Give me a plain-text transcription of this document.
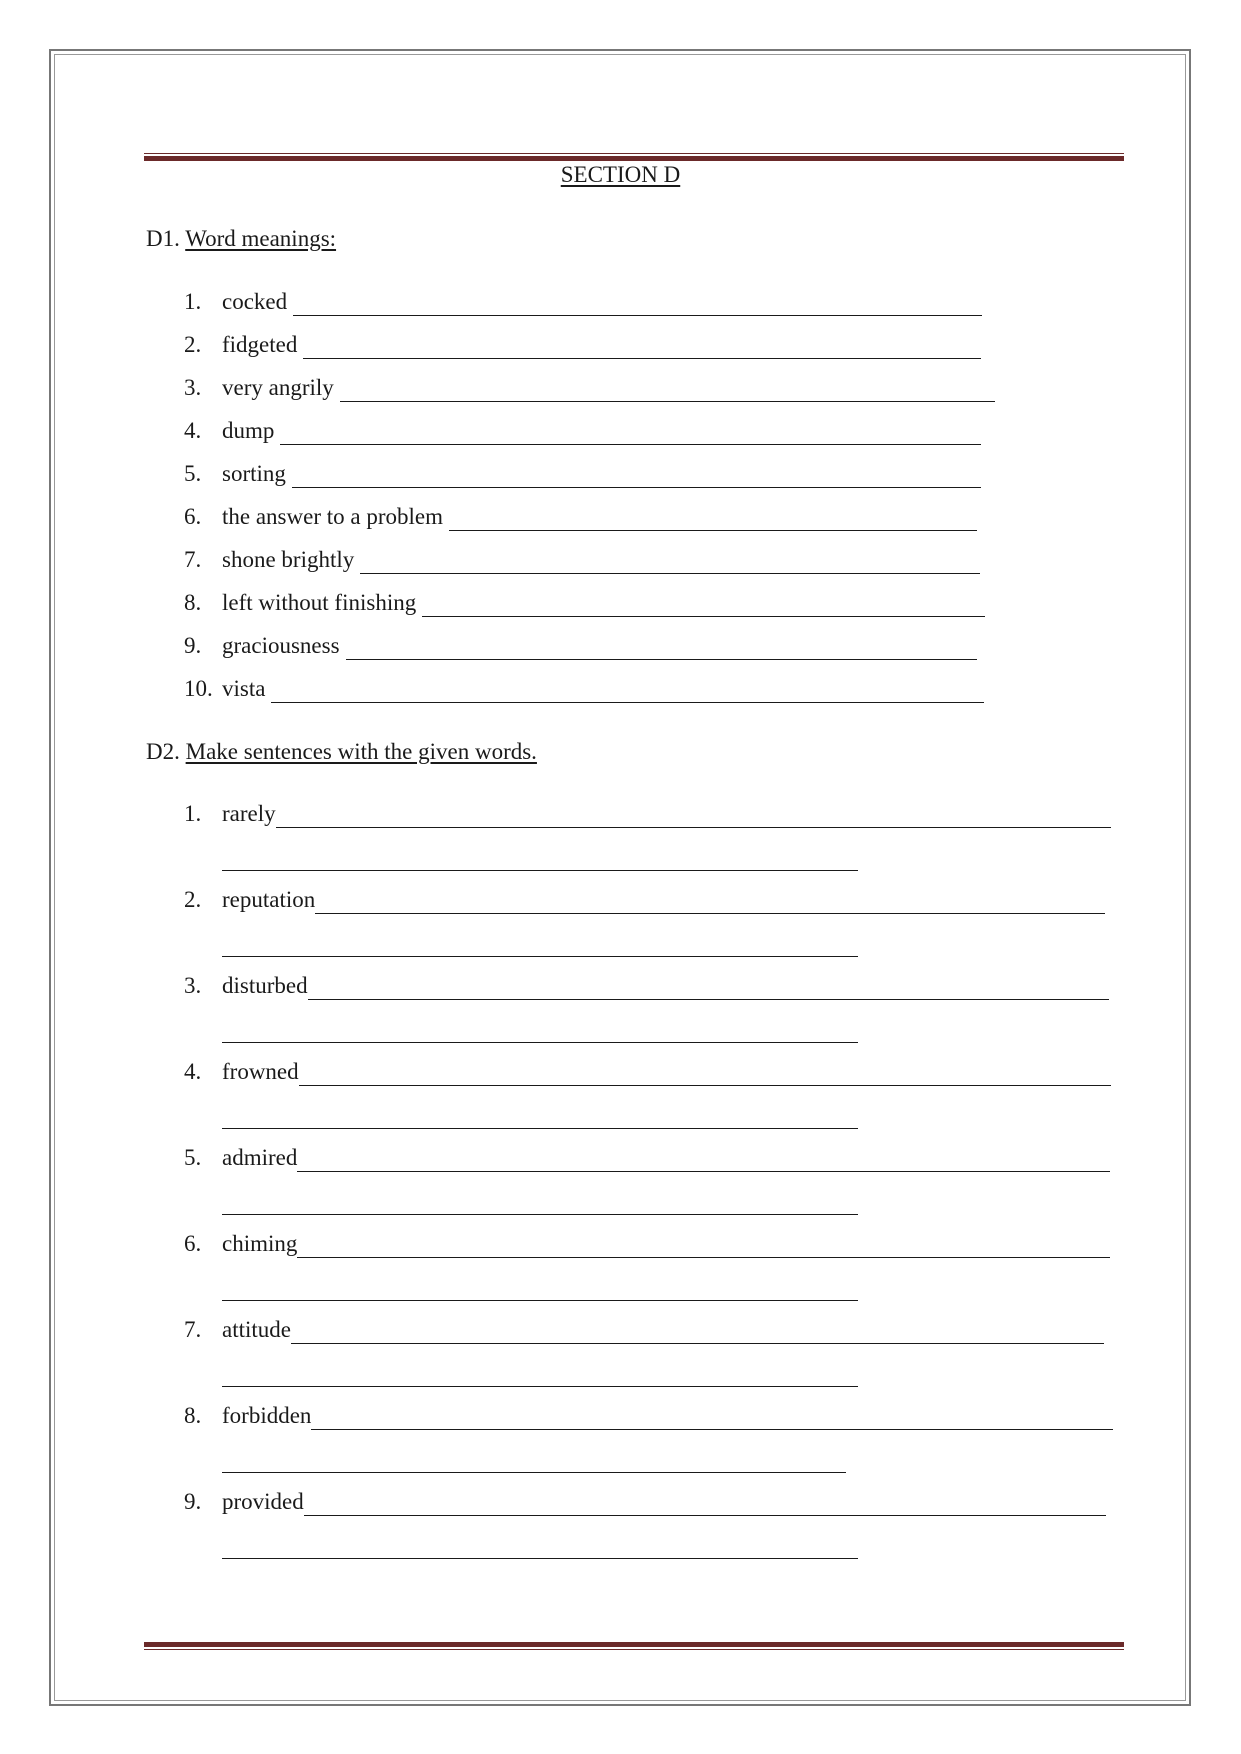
SECTION D
D1. Word meanings:
1. cocked
2. fidgeted
3. very angrily
4. dump
5. sorting
6. the answer to a problem
7. shone brightly
8. left without finishing
9. graciousness
10. vista
D2. Make sentences with the given words.
1. rarely
2. reputation
3. disturbed
4. frowned
5. admired
6. chiming
7. attitude
8. forbidden
9. provided
